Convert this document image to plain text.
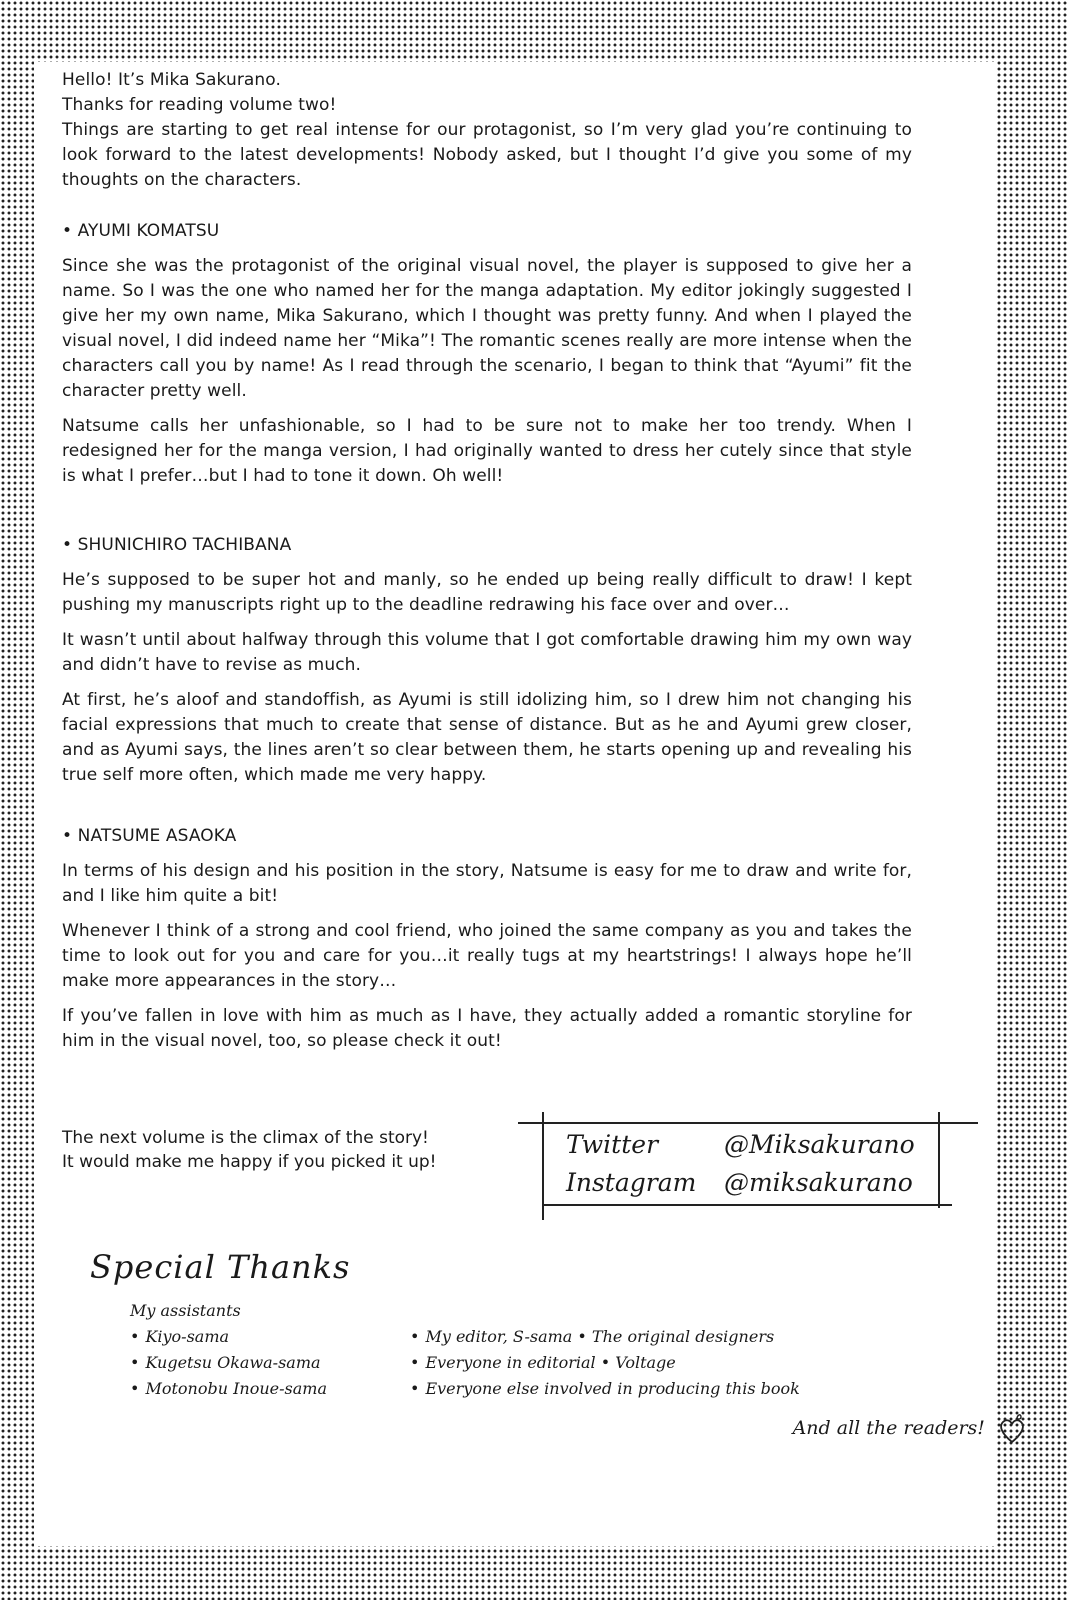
Hello! It’s Mika Sakurano.

Thanks for reading volume two!

Things are starting to get real intense for our protagonist, so I’m very glad you’re continuing to look forward to the latest developments! Nobody asked, but I thought I’d give you some of my thoughts on the characters.

• AYUMI KOMATSU

Since she was the protagonist of the original visual novel, the player is supposed to give her a name. So I was the one who named her for the manga adaptation. My editor jokingly suggested I give her my own name, Mika Sakurano, which I thought was pretty funny. And when I played the visual novel, I did indeed name her “Mika”! The romantic scenes really are more intense when the characters call you by name! As I read through the scenario, I began to think that “Ayumi” fit the character pretty well.

Natsume calls her unfashionable, so I had to be sure not to make her too trendy. When I redesigned her for the manga version, I had originally wanted to dress her cutely since that style is what I prefer…but I had to tone it down. Oh well!

• SHUNICHIRO TACHIBANA

He’s supposed to be super hot and manly, so he ended up being really difficult to draw! I kept pushing my manuscripts right up to the deadline redrawing his face over and over…

It wasn’t until about halfway through this volume that I got comfortable drawing him my own way and didn’t have to revise as much.

At first, he’s aloof and standoffish, as Ayumi is still idolizing him, so I drew him not changing his facial expressions that much to create that sense of distance. But as he and Ayumi grew closer, and as Ayumi says, the lines aren’t so clear between them, he starts opening up and revealing his true self more often, which made me very happy.

• NATSUME ASAOKA

In terms of his design and his position in the story, Natsume is easy for me to draw and write for, and I like him quite a bit!

Whenever I think of a strong and cool friend, who joined the same company as you and takes the time to look out for you and care for you…it really tugs at my heartstrings! I always hope he’ll make more appearances in the story…

If you’ve fallen in love with him as much as I have, they actually added a romantic storyline for him in the visual novel, too, so please check it out!

The next volume is the climax of the story!

It would make me happy if you picked it up!

Twitter	@Miksakurano
Instagram @miksakurano
Special Thanks
My assistants
• Kiyo-sama
• Kugetsu Okawa-sama
• Motonobu Inoue-sama
• My editor, S-sama • The original designers
• Everyone in editorial • Voltage
• Everyone else involved in producing this book
And all the readers!
